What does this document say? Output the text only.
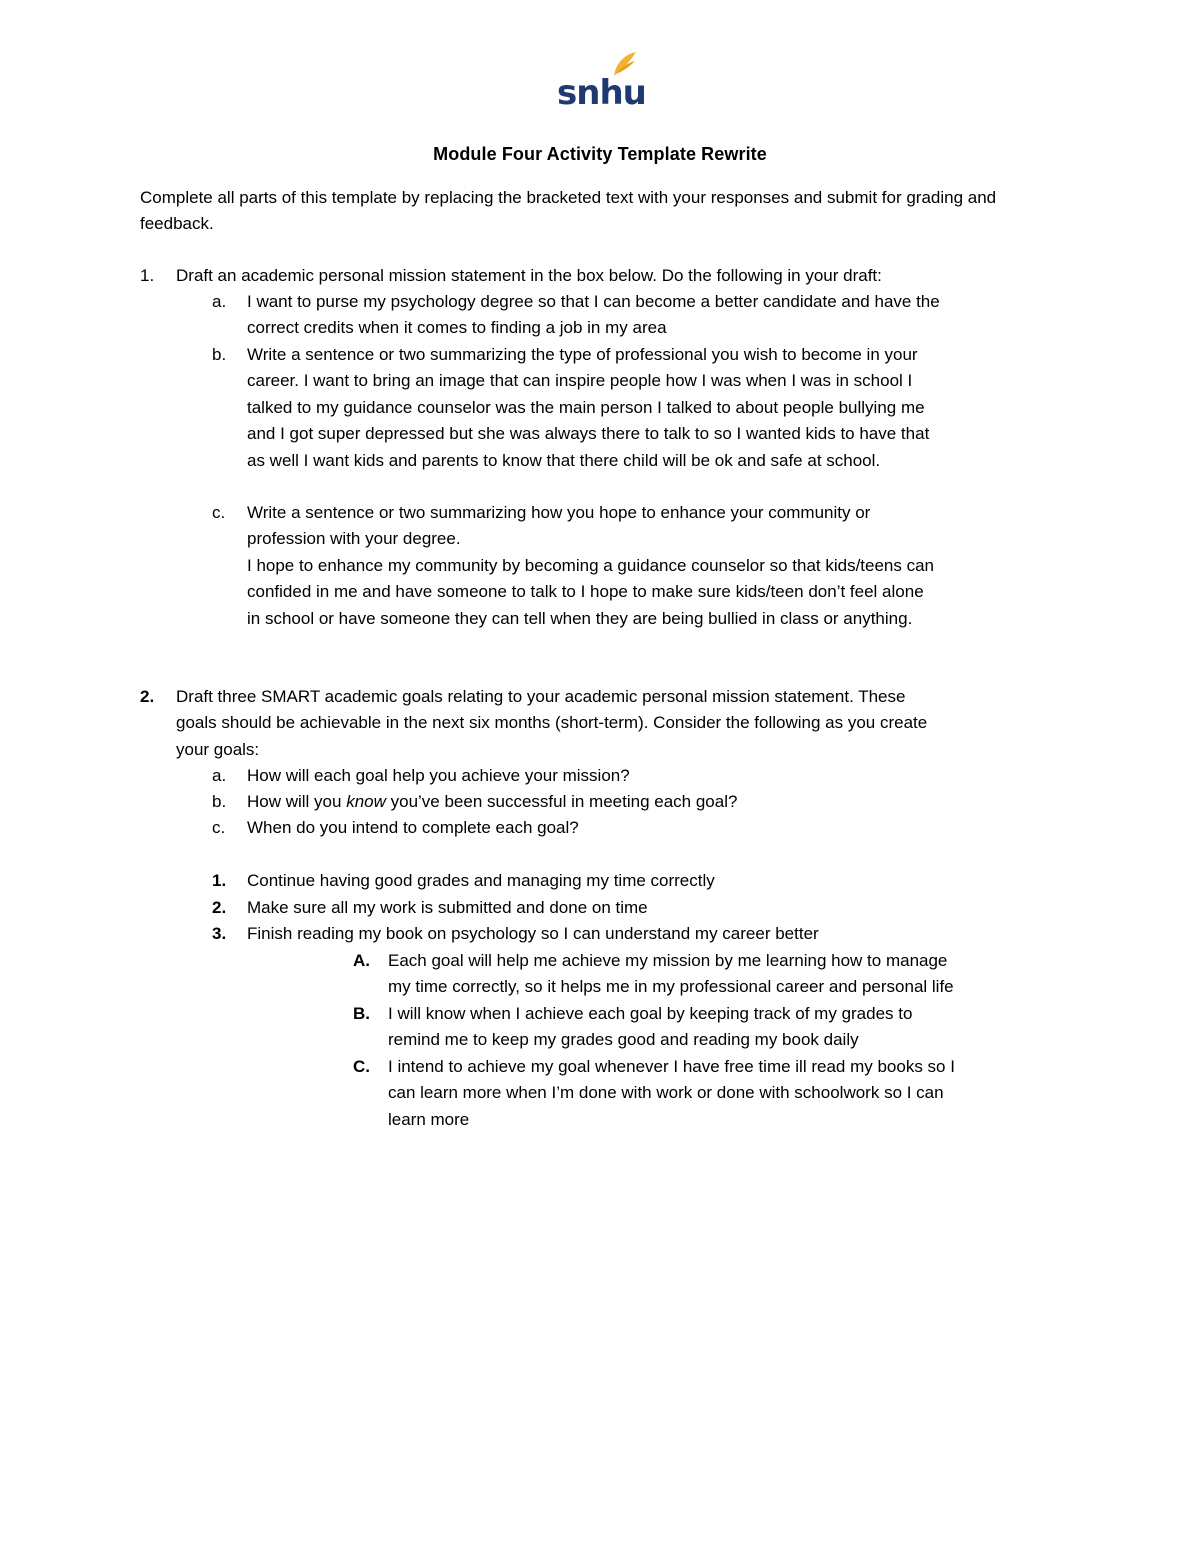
snhu
Module Four Activity Template Rewrite
Complete all parts of this template by replacing the bracketed text with your responses and submit for grading and feedback.
1. Draft an academic personal mission statement in the box below. Do the following in your draft:
a. I want to purse my psychology degree so that I can become a better candidate and have the
correct credits when it comes to finding a job in my area
b. Write a sentence or two summarizing the type of professional you wish to become in your
career. I want to bring an image that can inspire people how I was when I was in school I
talked to my guidance counselor was the main person I talked to about people bullying me
and I got super depressed but she was always there to talk to so I wanted kids to have that
as well I want kids and parents to know that there child will be ok and safe at school.
c. Write a sentence or two summarizing how you hope to enhance your community or
profession with your degree.
I hope to enhance my community by becoming a guidance counselor so that kids/teens can
confided in me and have someone to talk to I hope to make sure kids/teen don’t feel alone
in school or have someone they can tell when they are being bullied in class or anything.
2. Draft three SMART academic goals relating to your academic personal mission statement. These
goals should be achievable in the next six months (short-term). Consider the following as you create
your goals:
a. How will each goal help you achieve your mission?
b. How will you know you’ve been successful in meeting each goal?
c. When do you intend to complete each goal?
1. Continue having good grades and managing my time correctly
2. Make sure all my work is submitted and done on time
3. Finish reading my book on psychology so I can understand my career better
A. Each goal will help me achieve my mission by me learning how to manage
my time correctly, so it helps me in my professional career and personal life
B. I will know when I achieve each goal by keeping track of my grades to
remind me to keep my grades good and reading my book daily
C. I intend to achieve my goal whenever I have free time ill read my books so I
can learn more when I’m done with work or done with schoolwork so I can
learn more
